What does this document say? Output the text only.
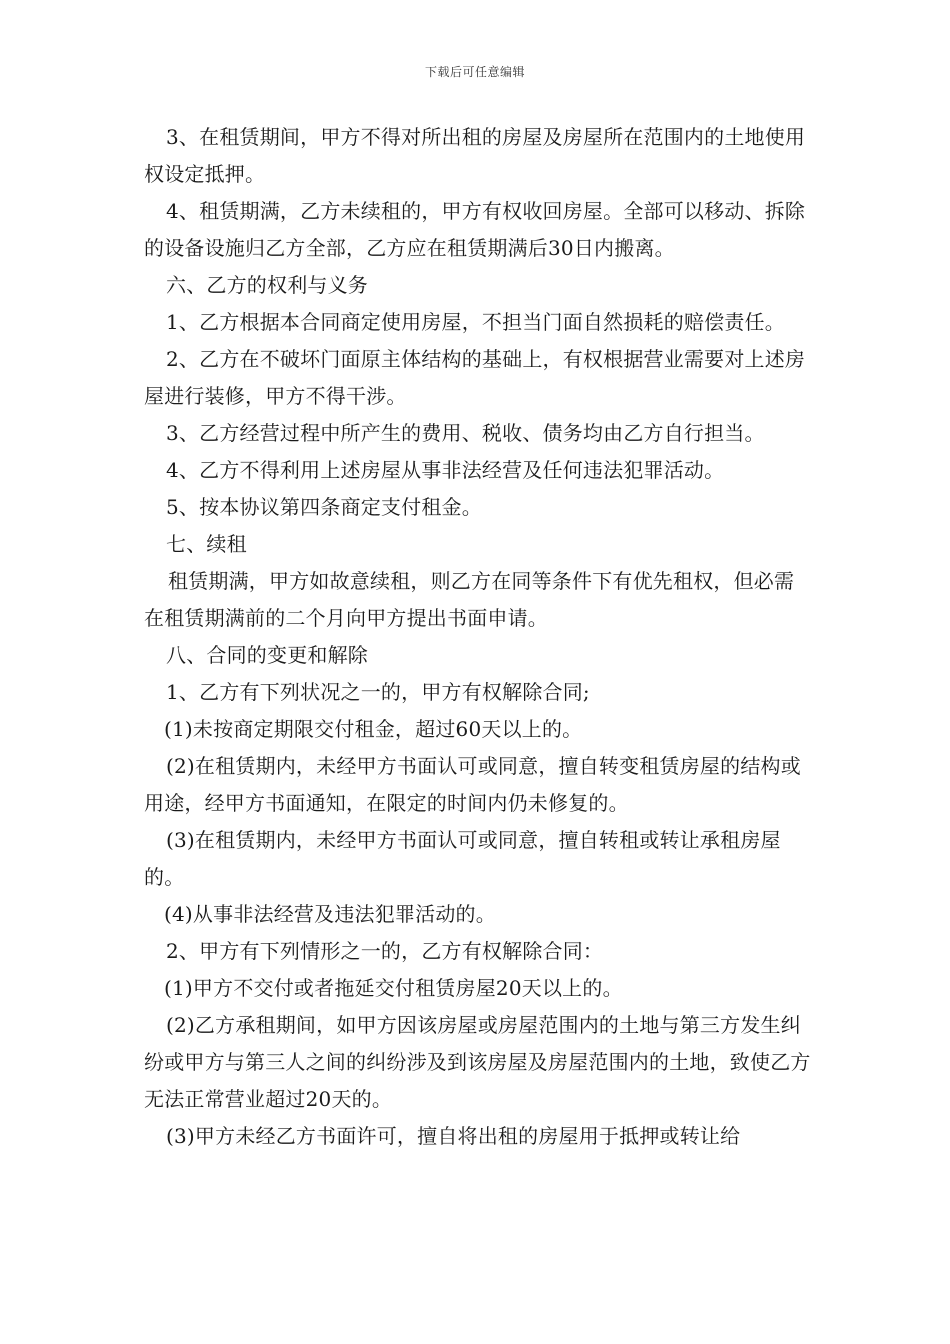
下载后可任意编辑

3、在租赁期间，甲方不得对所出租的房屋及房屋所在范围内的土地使用权设定抵押。

4、租赁期满，乙方未续租的，甲方有权收回房屋。全部可以移动、拆除的设备设施归乙方全部，乙方应在租赁期满后30日内搬离。

六、乙方的权利与义务

1、乙方根据本合同商定使用房屋，不担当门面自然损耗的赔偿责任。

2、乙方在不破坏门面原主体结构的基础上，有权根据营业需要对上述房屋进行装修，甲方不得干涉。

3、乙方经营过程中所产生的费用、税收、债务均由乙方自行担当。

4、乙方不得利用上述房屋从事非法经营及任何违法犯罪活动。

5、按本协议第四条商定支付租金。

七、续租

租赁期满，甲方如故意续租，则乙方在同等条件下有优先租权，但必需在租赁期满前的二个月向甲方提出书面申请。

八、合同的变更和解除

1、乙方有下列状况之一的，甲方有权解除合同;

(1)未按商定期限交付租金，超过60天以上的。

(2)在租赁期内，未经甲方书面认可或同意，擅自转变租赁房屋的结构或用途，经甲方书面通知，在限定的时间内仍未修复的。

(3)在租赁期内，未经甲方书面认可或同意，擅自转租或转让承租房屋的。

(4)从事非法经营及违法犯罪活动的。

2、甲方有下列情形之一的，乙方有权解除合同：

(1)甲方不交付或者拖延交付租赁房屋20天以上的。

(2)乙方承租期间，如甲方因该房屋或房屋范围内的土地与第三方发生纠纷或甲方与第三人之间的纠纷涉及到该房屋及房屋范围内的土地，致使乙方无法正常营业超过20天的。

(3)甲方未经乙方书面许可，擅自将出租的房屋用于抵押或转让给
